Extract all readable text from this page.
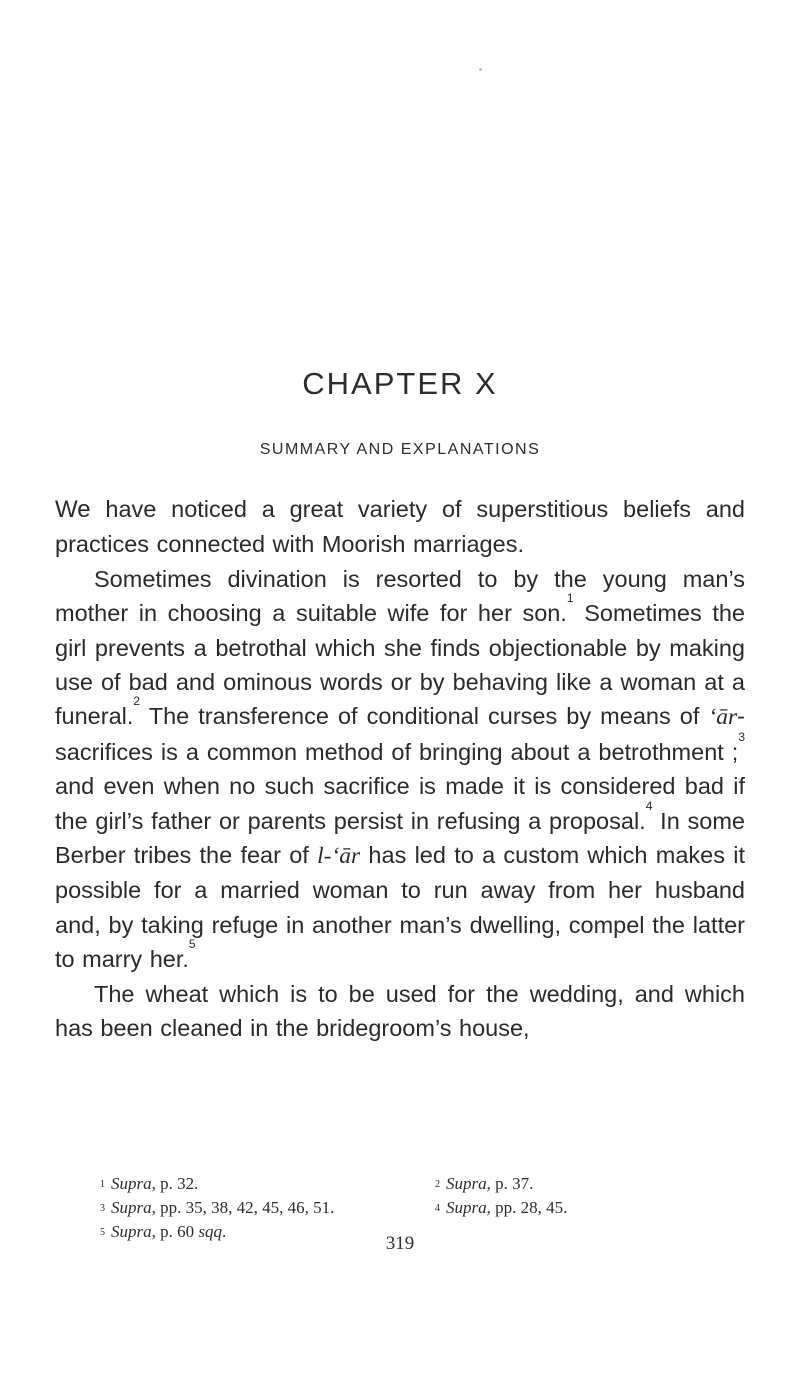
CHAPTER X
SUMMARY AND EXPLANATIONS

We have noticed a great variety of superstitious beliefs and practices connected with Moorish marriages.

Sometimes divination is resorted to by the young man’s mother in choosing a suitable wife for her son.$^1$ Sometimes the girl prevents a betrothal which she finds objectionable by making use of bad and ominous words or by behaving like a woman at a funeral.$^2$ The transference of conditional curses by means of ‘ār-sacrifices is a common method of bringing about a betrothment ;$^3$ and even when no such sacrifice is made it is considered bad if the girl’s father or parents persist in refusing a proposal.$^4$ In some Berber tribes the fear of l-‘ār has led to a custom which makes it possible for a married woman to run away from her husband and, by taking refuge in another man’s dwelling, compel the latter to marry her.$^5$

The wheat which is to be used for the wedding, and which has been cleaned in the bridegroom’s house,

$^1$ Supra, p. 32.	$^2$ Supra, p. 37.
$^3$ Supra, pp. 35, 38, 42, 45, 46, 51.	$^4$ Supra, pp. 28, 45.
$^5$ Supra, p. 60 sqq.
319
